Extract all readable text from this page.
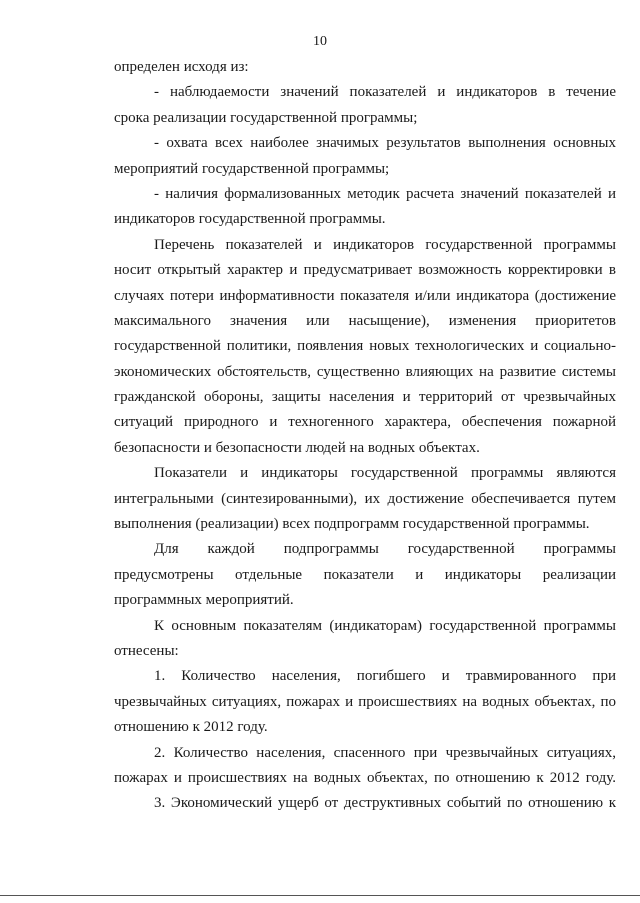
10
определен исходя из:
- наблюдаемости значений показателей и индикаторов в течение
срока реализации государственной программы;
- охвата всех наиболее значимых результатов выполнения основных
мероприятий государственной программы;
- наличия формализованных методик расчета значений показателей и
индикаторов государственной программы.
Перечень показателей и индикаторов государственной программы
носит открытый характер и предусматривает возможность корректировки в
случаях потери информативности показателя и/или индикатора (достижение
максимального значения или насыщение), изменения приоритетов
государственной политики, появления новых технологических и социально-
экономических обстоятельств, существенно влияющих на развитие системы
гражданской обороны, защиты населения и территорий от чрезвычайных
ситуаций природного и техногенного характера, обеспечения пожарной
безопасности и безопасности людей на водных объектах.
Показатели и индикаторы государственной программы являются
интегральными (синтезированными), их достижение обеспечивается путем
выполнения (реализации) всех подпрограмм государственной программы.
Для каждой подпрограммы государственной программы
предусмотрены отдельные показатели и индикаторы реализации
программных мероприятий.
К основным показателям (индикаторам) государственной программы
отнесены:
1. Количество населения, погибшего и травмированного при
чрезвычайных ситуациях, пожарах и происшествиях на водных объектах, по
отношению к 2012 году.
2. Количество населения, спасенного при чрезвычайных ситуациях,
пожарах и происшествиях на водных объектах, по отношению к 2012 году.
3. Экономический ущерб от деструктивных событий по отношению к
